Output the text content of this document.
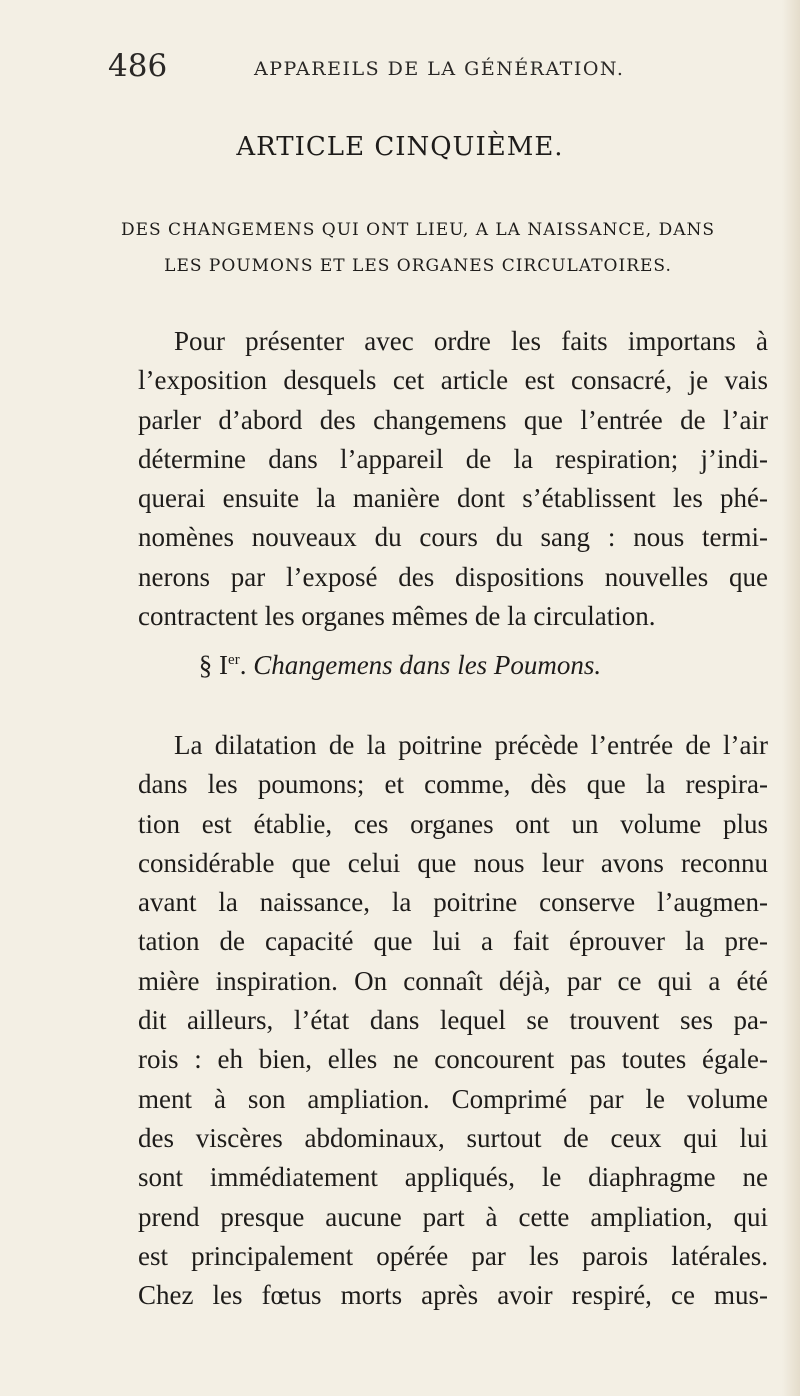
486	APPAREILS DE LA GÉNÉRATION.
ARTICLE CINQUIÈME.
DES CHANGEMENS QUI ONT LIEU, A LA NAISSANCE, DANS
LES POUMONS ET LES ORGANES CIRCULATOIRES.
Pour présenter avec ordre les faits importans à
l’exposition desquels cet article est consacré, je vais
parler d’abord des changemens que l’entrée de l’air
détermine dans l’appareil de la respiration; j’indi-
querai ensuite la manière dont s’établissent les phé-
nomènes nouveaux du cours du sang : nous termi-
nerons par l’exposé des dispositions nouvelles que
contractent les organes mêmes de la circulation.
§ Ier. Changemens dans les Poumons.
La dilatation de la poitrine précède l’entrée de l’air
dans les poumons; et comme, dès que la respira-
tion est établie, ces organes ont un volume plus
considérable que celui que nous leur avons reconnu
avant la naissance, la poitrine conserve l’augmen-
tation de capacité que lui a fait éprouver la pre-
mière inspiration. On connaît déjà, par ce qui a été
dit ailleurs, l’état dans lequel se trouvent ses pa-
rois : eh bien, elles ne concourent pas toutes égale-
ment à son ampliation. Comprimé par le volume
des viscères abdominaux, surtout de ceux qui lui
sont immédiatement appliqués, le diaphragme ne
prend presque aucune part à cette ampliation, qui
est principalement opérée par les parois latérales.
Chez les fœtus morts après avoir respiré, ce mus-
